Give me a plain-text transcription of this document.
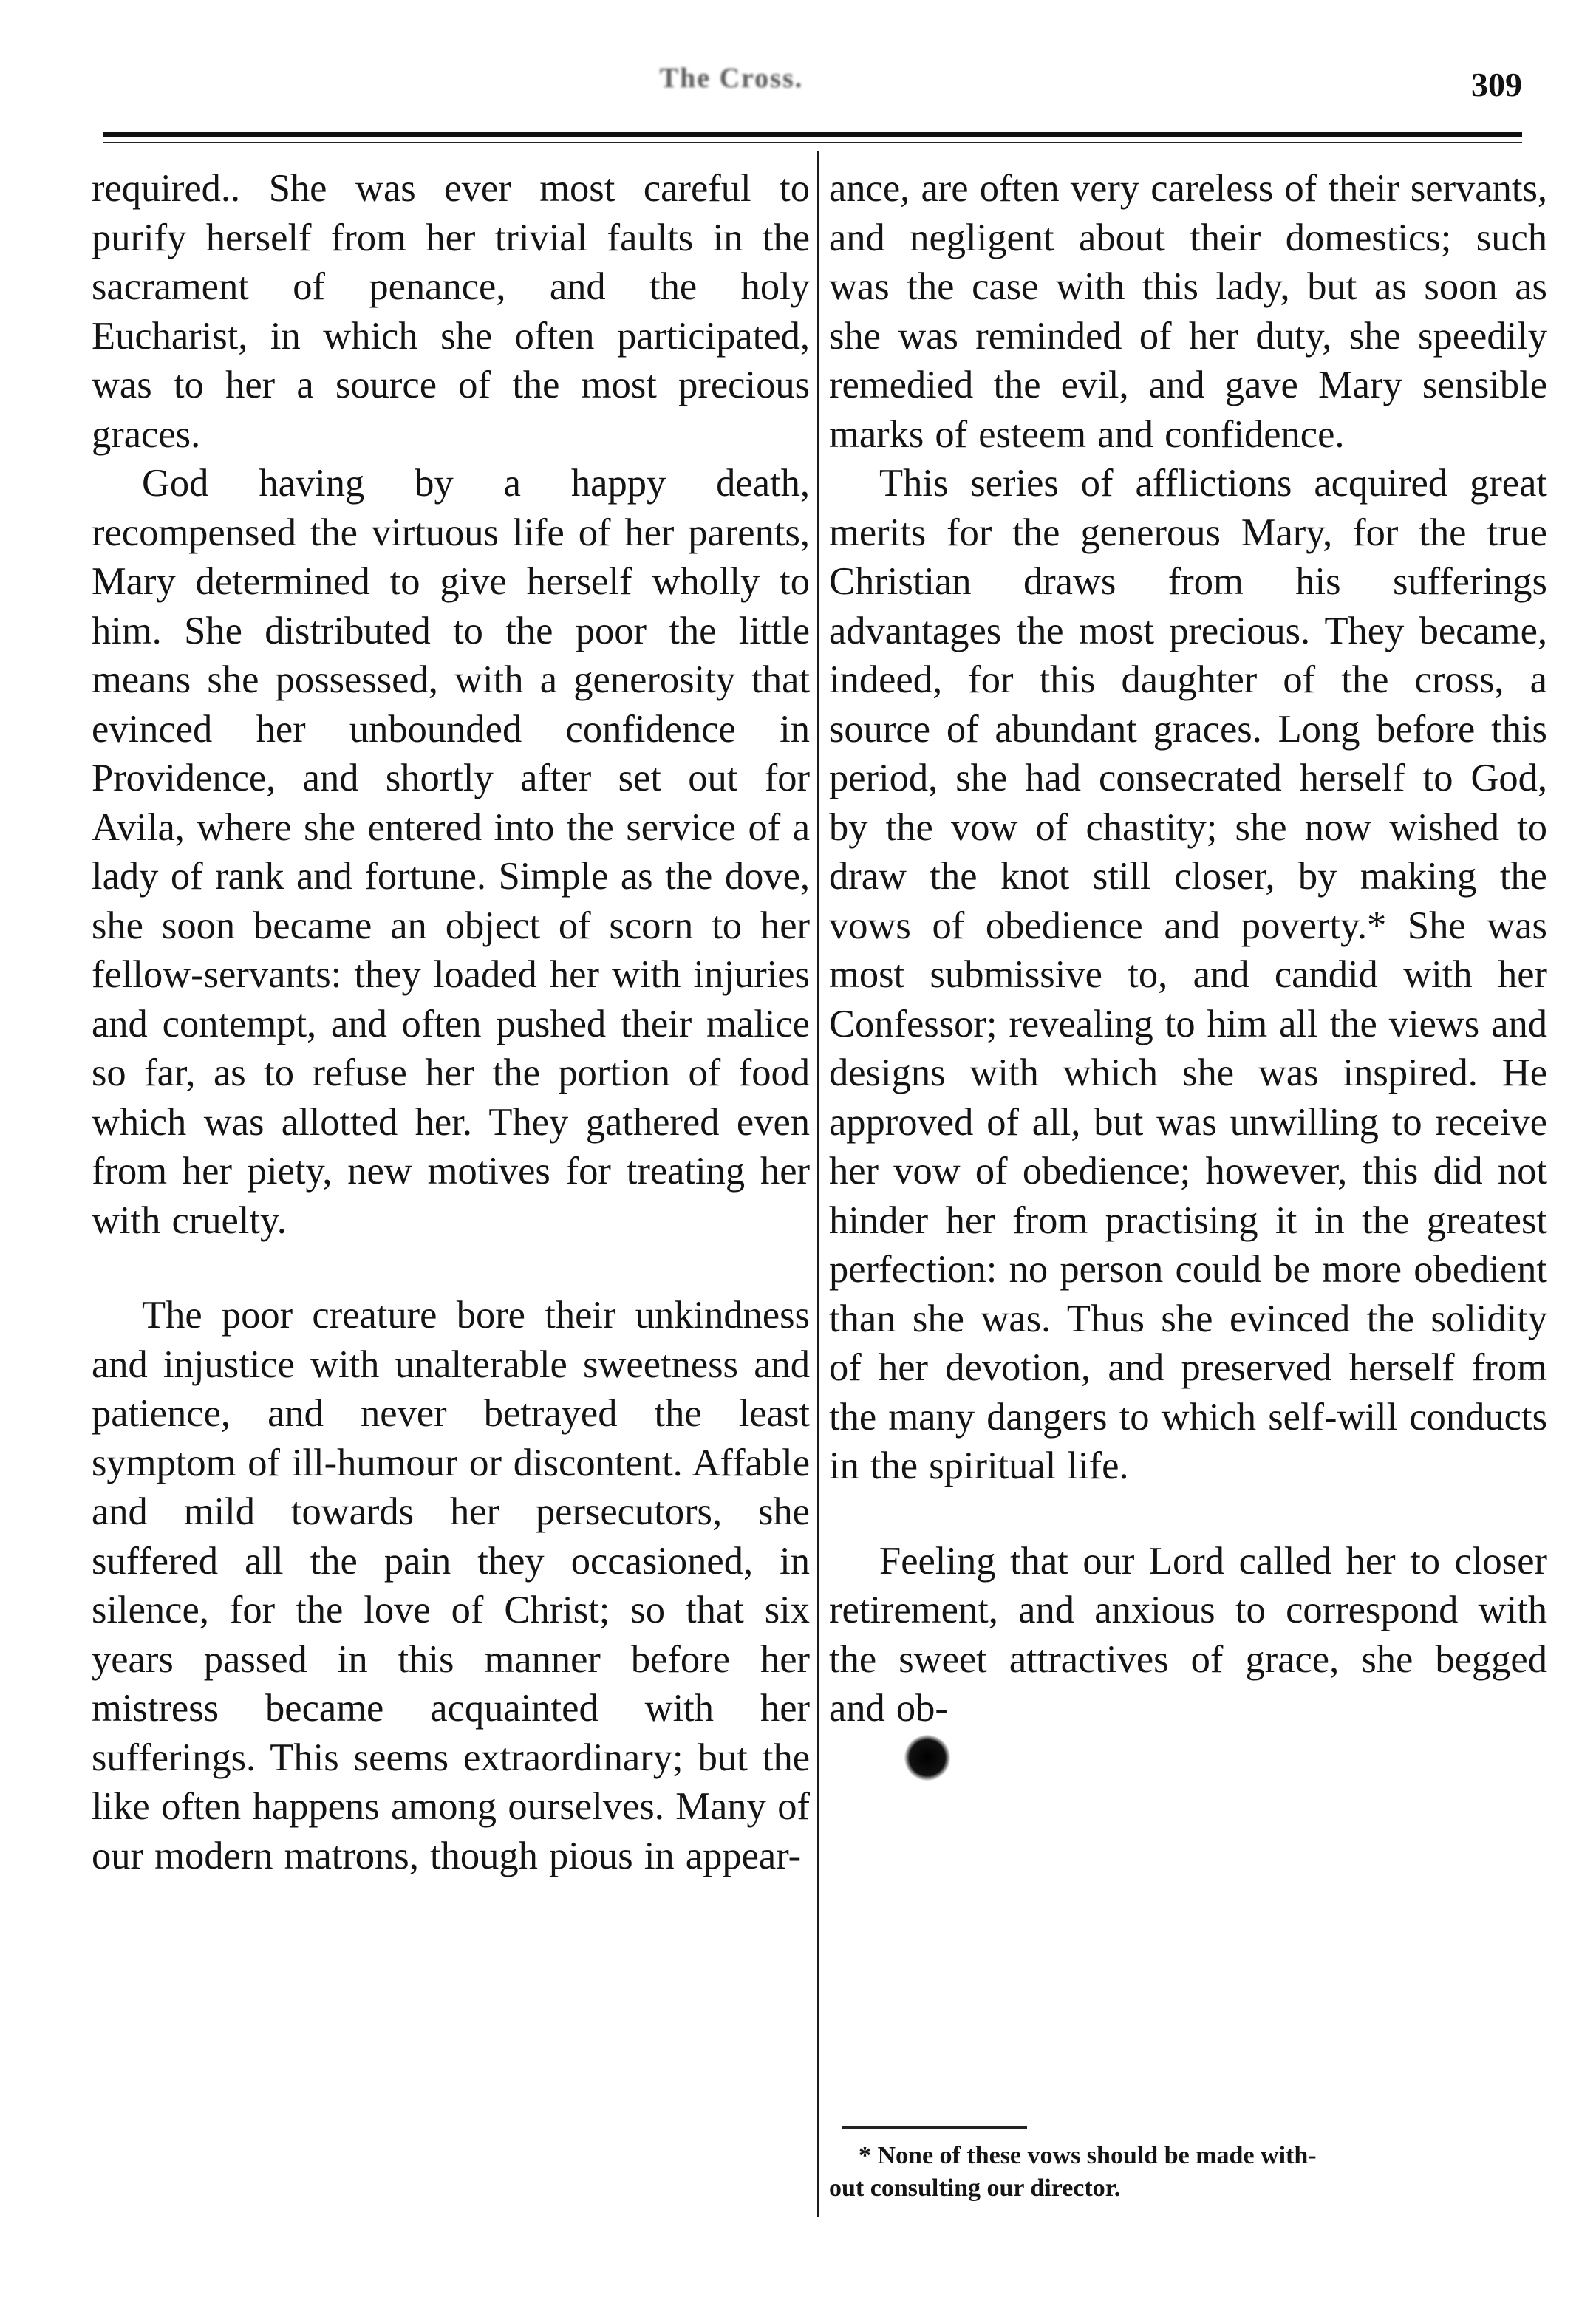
The Cross.	309

required.. She was ever most careful to purify herself from her trivial faults in the sacrament of penance, and the holy Eucharist, in which she often participated, was to her a source of the most precious graces.

God having by a happy death, recompensed the virtuous life of her parents, Mary determined to give herself wholly to him. She distributed to the poor the little means she possessed, with a generosity that evinced her unbounded confidence in Providence, and shortly after set out for Avila, where she entered into the service of a lady of rank and fortune. Simple as the dove, she soon became an object of scorn to her fellow-servants: they loaded her with injuries and contempt, and often pushed their malice so far, as to refuse her the portion of food which was allotted her. They gathered even from her piety, new motives for treating her with cruelty.

The poor creature bore their unkindness and injustice with unalterable sweetness and patience, and never betrayed the least symptom of ill-humour or discontent. Affable and mild towards her persecutors, she suffered all the pain they occasioned, in silence, for the love of Christ; so that six years passed in this manner before her mistress became acquainted with her sufferings. This seems extraordinary; but the like often happens among ourselves. Many of our modern matrons, though pious in appear-

ance, are often very careless of their servants, and negligent about their domestics; such was the case with this lady, but as soon as she was reminded of her duty, she speedily remedied the evil, and gave Mary sensible marks of esteem and confidence.

This series of afflictions acquired great merits for the generous Mary, for the true Christian draws from his sufferings advantages the most precious. They became, indeed, for this daughter of the cross, a source of abundant graces. Long before this period, she had consecrated herself to God, by the vow of chastity; she now wished to draw the knot still closer, by making the vows of obedience and poverty.* She was most submissive to, and candid with her Confessor; revealing to him all the views and designs with which she was inspired. He approved of all, but was unwilling to receive her vow of obedience; however, this did not hinder her from practising it in the greatest perfection: no person could be more obedient than she was. Thus she evinced the solidity of her devotion, and preserved herself from the many dangers to which self-will conducts in the spiritual life.

Feeling that our Lord called her to closer retirement, and anxious to correspond with the sweet attractives of grace, she begged and ob-

* None of these vows should be made with-
out consulting our director.
